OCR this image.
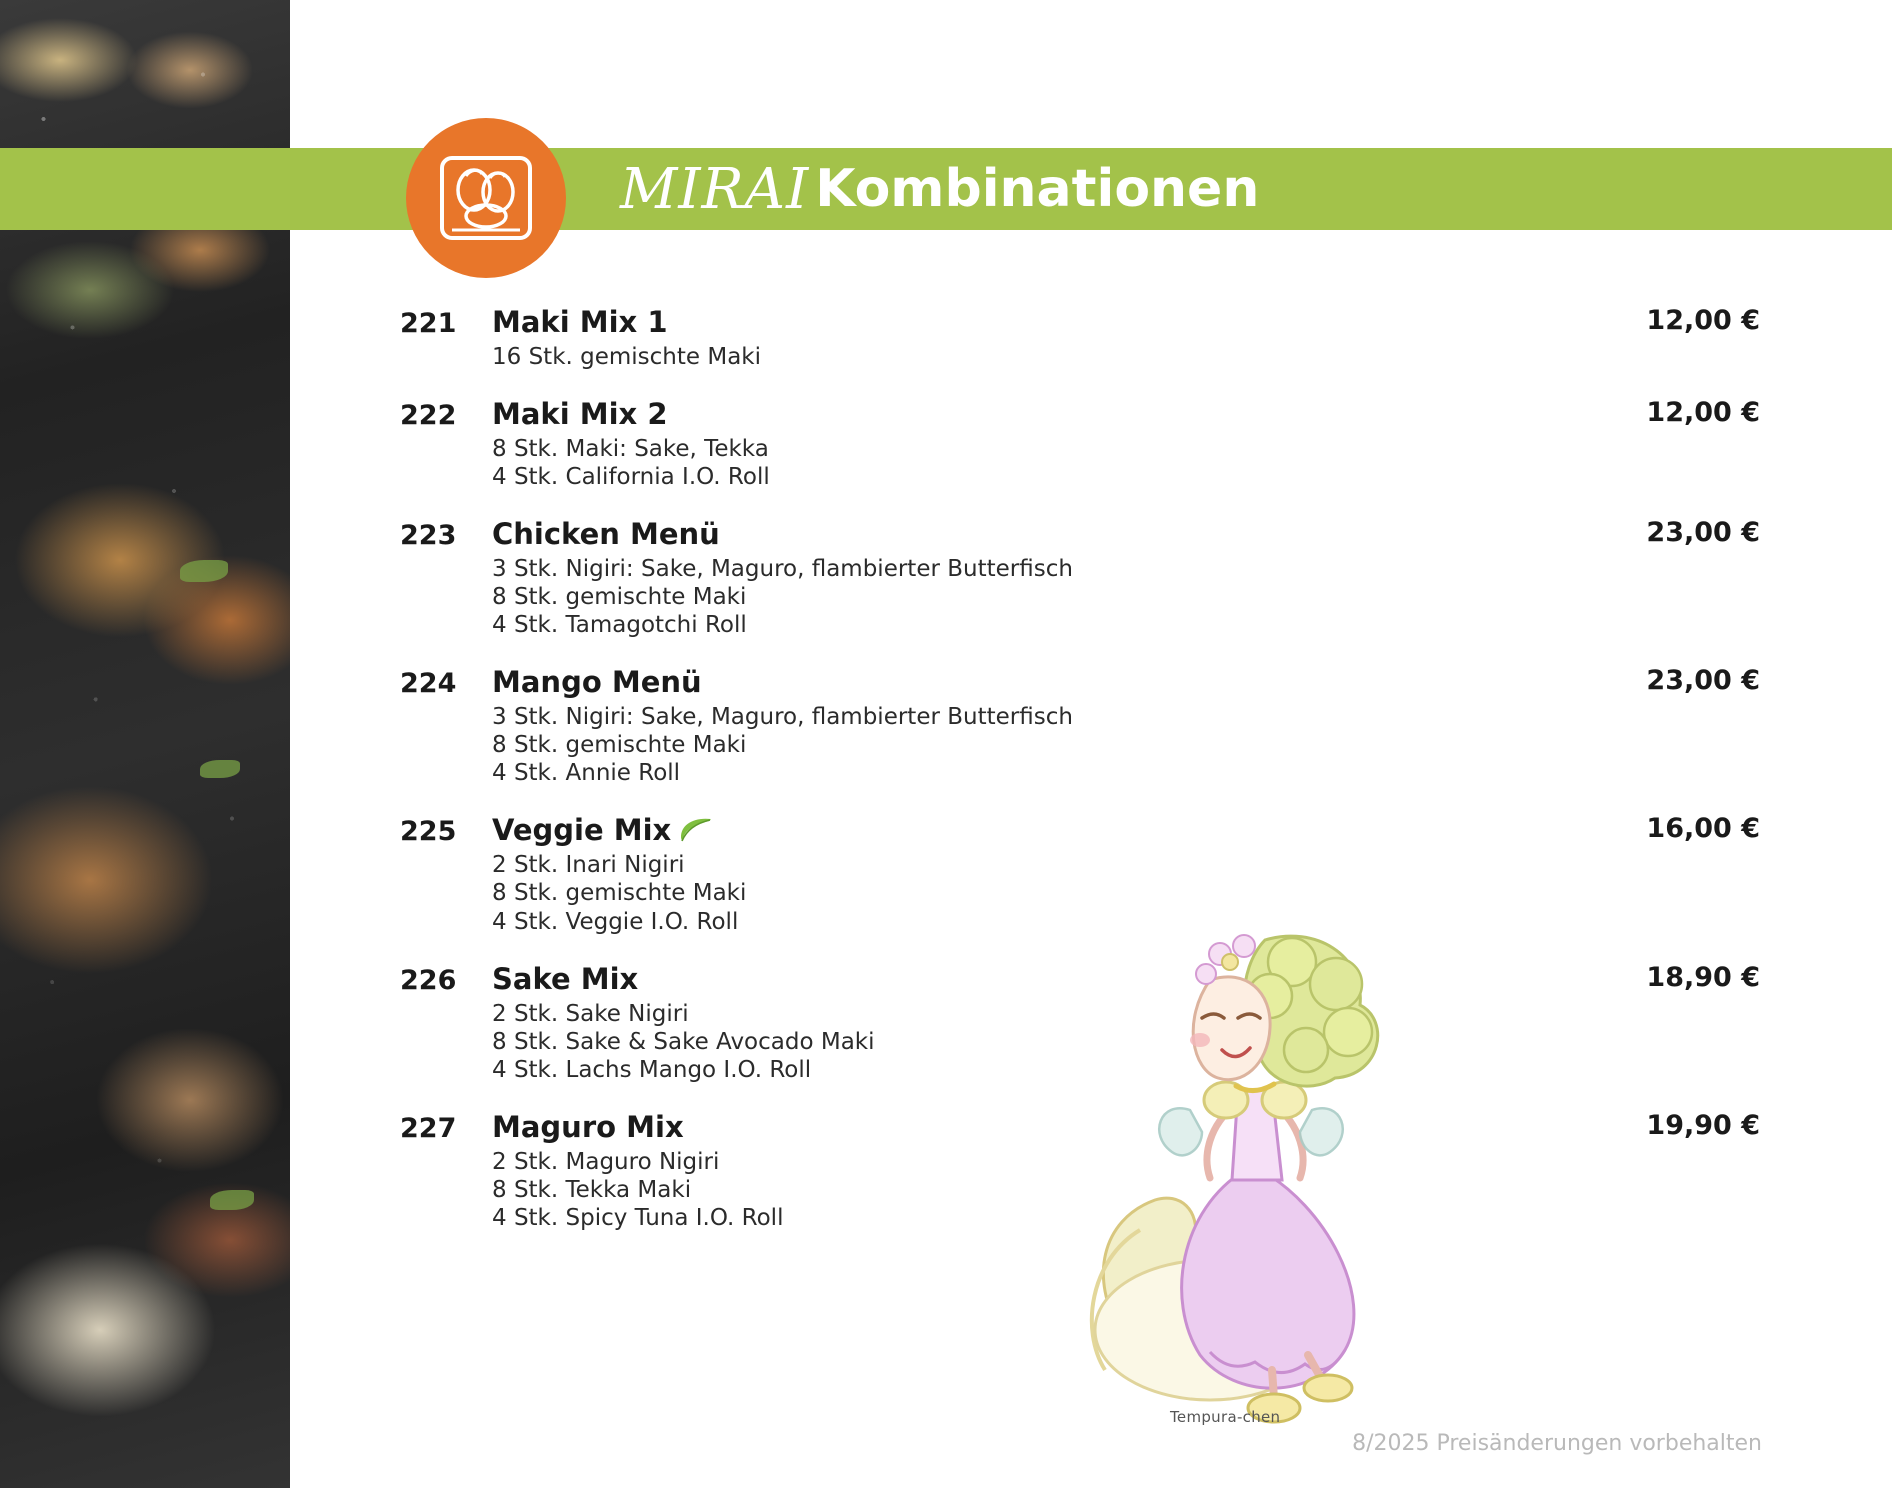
MIRAI Kombinationen
221	Maki Mix 1	12,00 €
16 Stk. gemischte Maki
222	Maki Mix 2	12,00 €
8 Stk. Maki: Sake, Tekka
4 Stk. California I.O. Roll
223	Chicken Menü	23,00 €
3 Stk. Nigiri: Sake, Maguro, flambierter Butterfisch
8 Stk. gemischte Maki
4 Stk. Tamagotchi Roll
224	Mango Menü	23,00 €
3 Stk. Nigiri: Sake, Maguro, flambierter Butterfisch
8 Stk. gemischte Maki
4 Stk. Annie Roll
225	Veggie Mix	16,00 €
2 Stk. Inari Nigiri
8 Stk. gemischte Maki
4 Stk. Veggie I.O. Roll
226	Sake Mix	18,90 €
2 Stk. Sake Nigiri
8 Stk. Sake & Sake Avocado Maki
4 Stk. Lachs Mango I.O. Roll
227	Maguro Mix	19,90 €
2 Stk. Maguro Nigiri
8 Stk. Tekka Maki
4 Stk. Spicy Tuna I.O. Roll
Tempura-chen
8/2025 Preisänderungen vorbehalten
